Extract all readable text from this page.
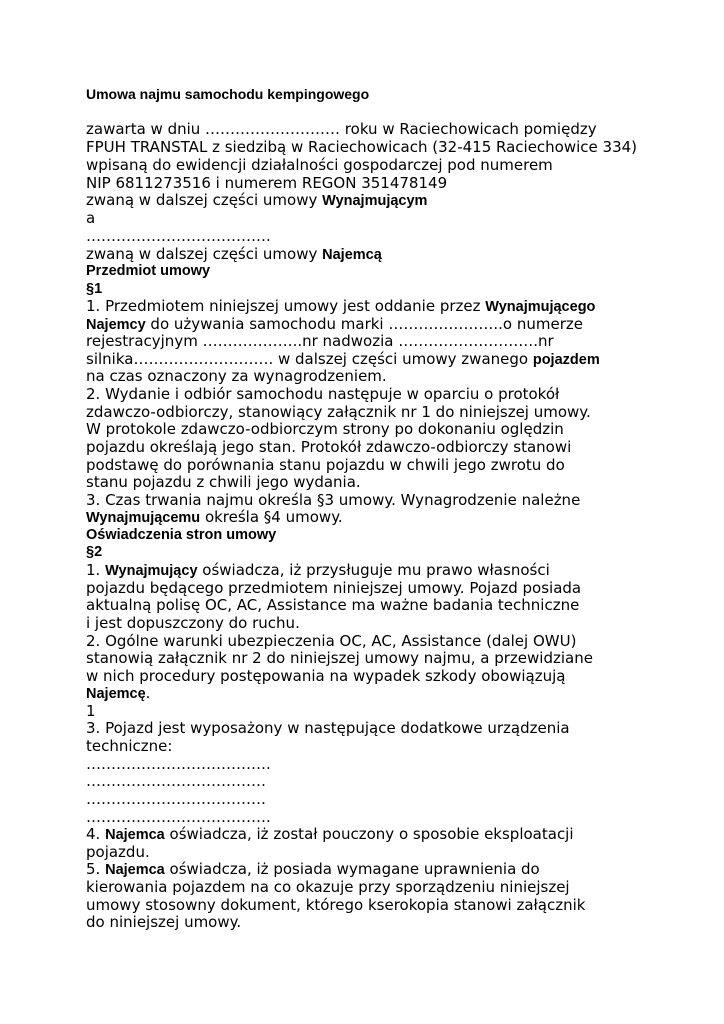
Umowa najmu samochodu kempingowego
zawarta w dniu ……………………… roku w Raciechowicach pomiędzy
FPUH TRANSTAL z siedzibą w Raciechowicach (32-415 Raciechowice 334)
wpisaną do ewidencji działalności gospodarczej pod numerem
NIP 6811273516 i numerem REGON 351478149
zwaną w dalszej części umowy Wynajmującym
a
……………………………….
zwaną w dalszej części umowy Najemcą
Przedmiot umowy
§1
1. Przedmiotem niniejszej umowy jest oddanie przez Wynajmującego
Najemcy do używania samochodu marki …………………..o numerze
rejestracyjnym ………………..nr nadwozia ……………………….nr
silnika………………………. w dalszej części umowy zwanego pojazdem
na czas oznaczony za wynagrodzeniem.
2. Wydanie i odbiór samochodu następuje w oparciu o protokół
zdawczo-odbiorczy, stanowiący załącznik nr 1 do niniejszej umowy.
W protokole zdawczo-odbiorczym strony po dokonaniu oględzin
pojazdu określają jego stan. Protokół zdawczo-odbiorczy stanowi
podstawę do porównania stanu pojazdu w chwili jego zwrotu do
stanu pojazdu z chwili jego wydania.
3. Czas trwania najmu określa §3 umowy. Wynagrodzenie należne
Wynajmującemu określa §4 umowy.
Oświadczenia stron umowy
§2
1. Wynajmujący oświadcza, iż przysługuje mu prawo własności
pojazdu będącego przedmiotem niniejszej umowy. Pojazd posiada
aktualną polisę OC, AC, Assistance ma ważne badania techniczne
i jest dopuszczony do ruchu.
2. Ogólne warunki ubezpieczenia OC, AC, Assistance (dalej OWU)
stanowią załącznik nr 2 do niniejszej umowy najmu, a przewidziane
w nich procedury postępowania na wypadek szkody obowiązują
Najemcę.
1
3. Pojazd jest wyposażony w następujące dodatkowe urządzenia
techniczne:
……………………………….
………………………………
………………………………
……………………………….
4. Najemca oświadcza, iż został pouczony o sposobie eksploatacji
pojazdu.
5. Najemca oświadcza, iż posiada wymagane uprawnienia do
kierowania pojazdem na co okazuje przy sporządzeniu niniejszej
umowy stosowny dokument, którego kserokopia stanowi załącznik
do niniejszej umowy.
